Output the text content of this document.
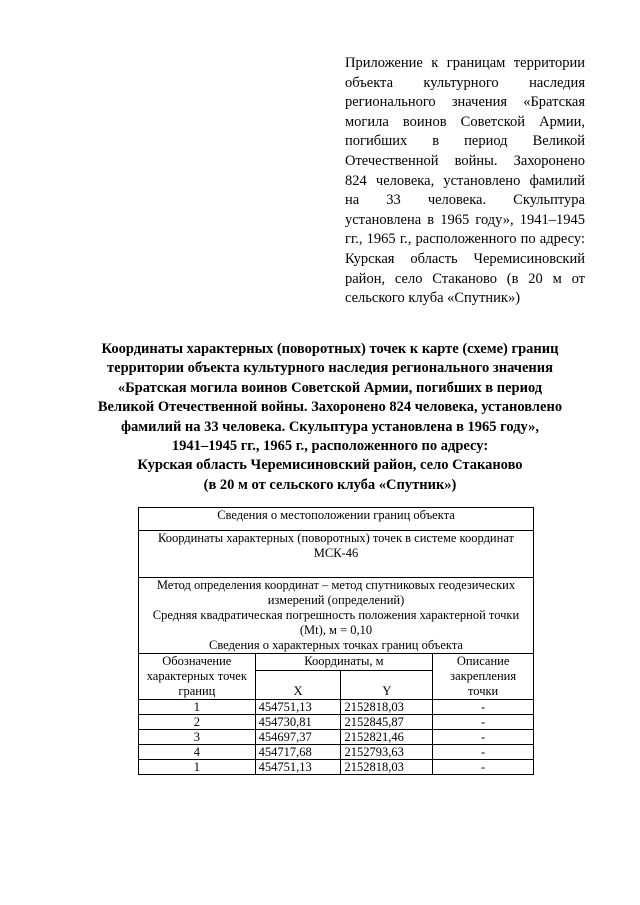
Приложение к границам территории объекта культурного наследия регионального значения «Братская могила воинов Советской Армии, погибших в период Великой Отечественной войны. Захоронено 824 человека, установлено фамилий на 33 человека. Скульптура установлена в 1965 году», 1941–1945 гг., 1965 г., расположенного по адресу: Курская область Черемисиновский район, село Стаканово (в 20 м от сельского клуба «Спутник»)
Координаты характерных (поворотных) точек к карте (схеме) границ
территории объекта культурного наследия регионального значения
«Братская могила воинов Советской Армии, погибших в период
Великой Отечественной войны. Захоронено 824 человека, установлено
фамилий на 33 человека. Скульптура установлена в 1965 году»,
1941–1945 гг., 1965 г., расположенного по адресу:
Курская область Черемисиновский район, село Стаканово
(в 20 м от сельского клуба «Спутник»)
Сведения о местоположении границ объекта			
Координаты характерных (поворотных) точек в системе координат МСК-46			

Метод определения координат – метод спутниковых геодезических измерений (определений)
Средняя квадратическая погрешность положения характерной точки (Mt), м = 0,10
Сведения о характерных точках границ объекта			

Обозначение характерных точек границ	Координаты, м		Описание закрепления точки
	X	Y	
1	454751,13	2152818,03	-
2	454730,81	2152845,87	-
3	454697,37	2152821,46	-
4	454717,68	2152793,63	-
1	454751,13	2152818,03	-
